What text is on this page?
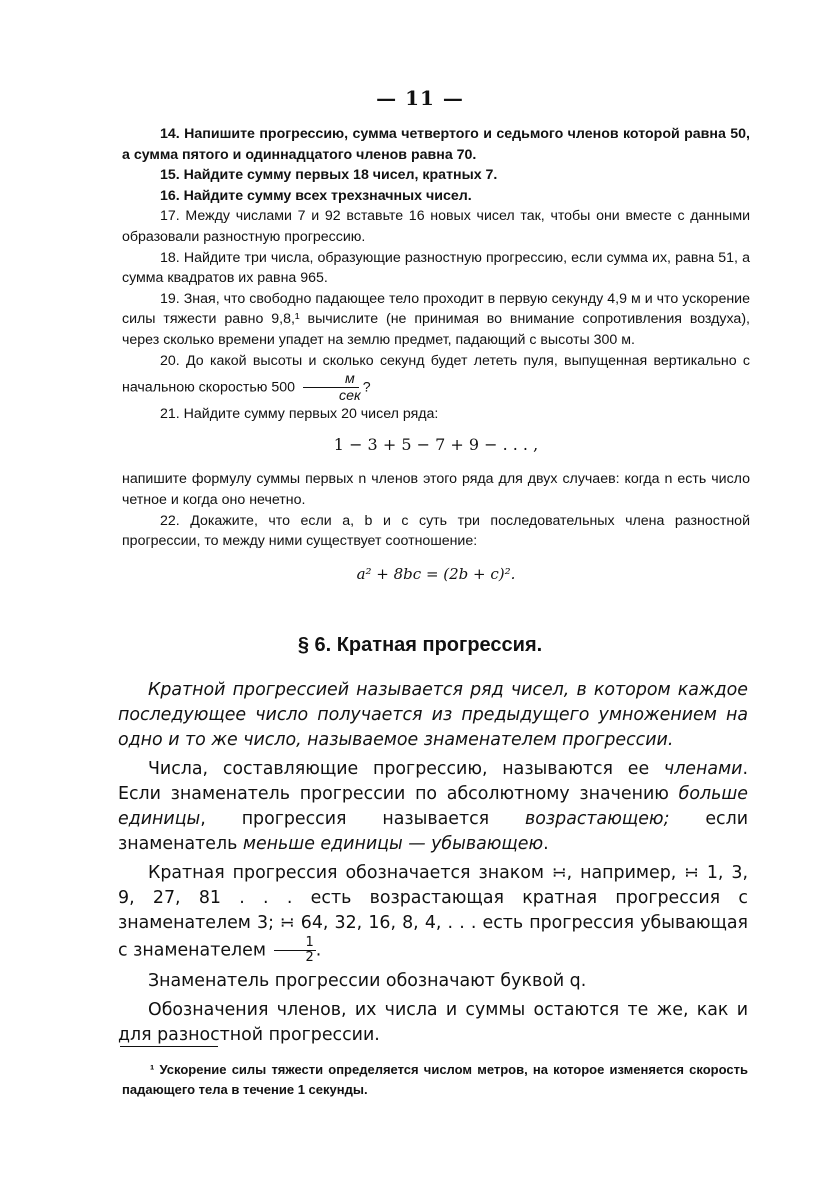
— 11 —

14. Напишите прогрессию, сумма четвертого и седьмого членов которой равна 50, а сумма пятого и одиннадцатого членов равна 70.

15. Найдите сумму первых 18 чисел, кратных 7.

16. Найдите сумму всех трехзначных чисел.

17. Между числами 7 и 92 вставьте 16 новых чисел так, чтобы они вместе с данными образовали разностную прогрессию.

18. Найдите три числа, образующие разностную прогрессию, если сумма их, равна 51, а сумма квадратов их равна 965.

19. Зная, что свободно падающее тело проходит в первую секунду 4,9 м и что ускорение силы тяжести равно 9,8,¹ вычислите (не принимая во внимание сопротивления воздуха), через сколько времени упадет на землю предмет, падающий с высоты 300 м.

20. До какой высоты и сколько секунд будет лететь пуля, выпущенная вертикально с начальною скоростью $500 \frac{м}{\text{сек}}$ ?

21. Найдите сумму первых 20 чисел ряда:

1 − 3 + 5 − 7 + 9 − . . . ,

напишите формулу суммы первых n членов этого ряда для двух случаев: когда n есть число четное и когда оно нечетно.

22. Докажите, что если a, b и c суть три последовательных члена разностной прогрессии, то между ними существует соотношение:

a² + 8bc = (2b + c)².

§ 6. Кратная прогрессия.

Кратной прогрессией называется ряд чисел, в котором каждое последующее число получается из предыдущего умножением на одно и то же число, называемое знаменателем прогрессии.

Числа, составляющие прогрессию, называются ее членами. Если знаменатель прогрессии по абсолютному значению больше единицы, прогрессия называется возрастающею; если знаменатель меньше единицы — убывающею.

Кратная прогрессия обозначается знаком ∺, например, ∺ 1, 3, 9, 27, 81 . . . есть возрастающая кратная прогрессия с знаменателем 3; ∺ 64, 32, 16, 8, 4, . . . есть прогрессия убывающая с знаменателем $\frac{1}{2}$ .

Знаменатель прогрессии обозначают буквой q.

Обозначения членов, их числа и суммы остаются те же, как и для разностной прогрессии.

¹ Ускорение силы тяжести определяется числом метров, на которое изменяется скорость падающего тела в течение 1 секунды.
